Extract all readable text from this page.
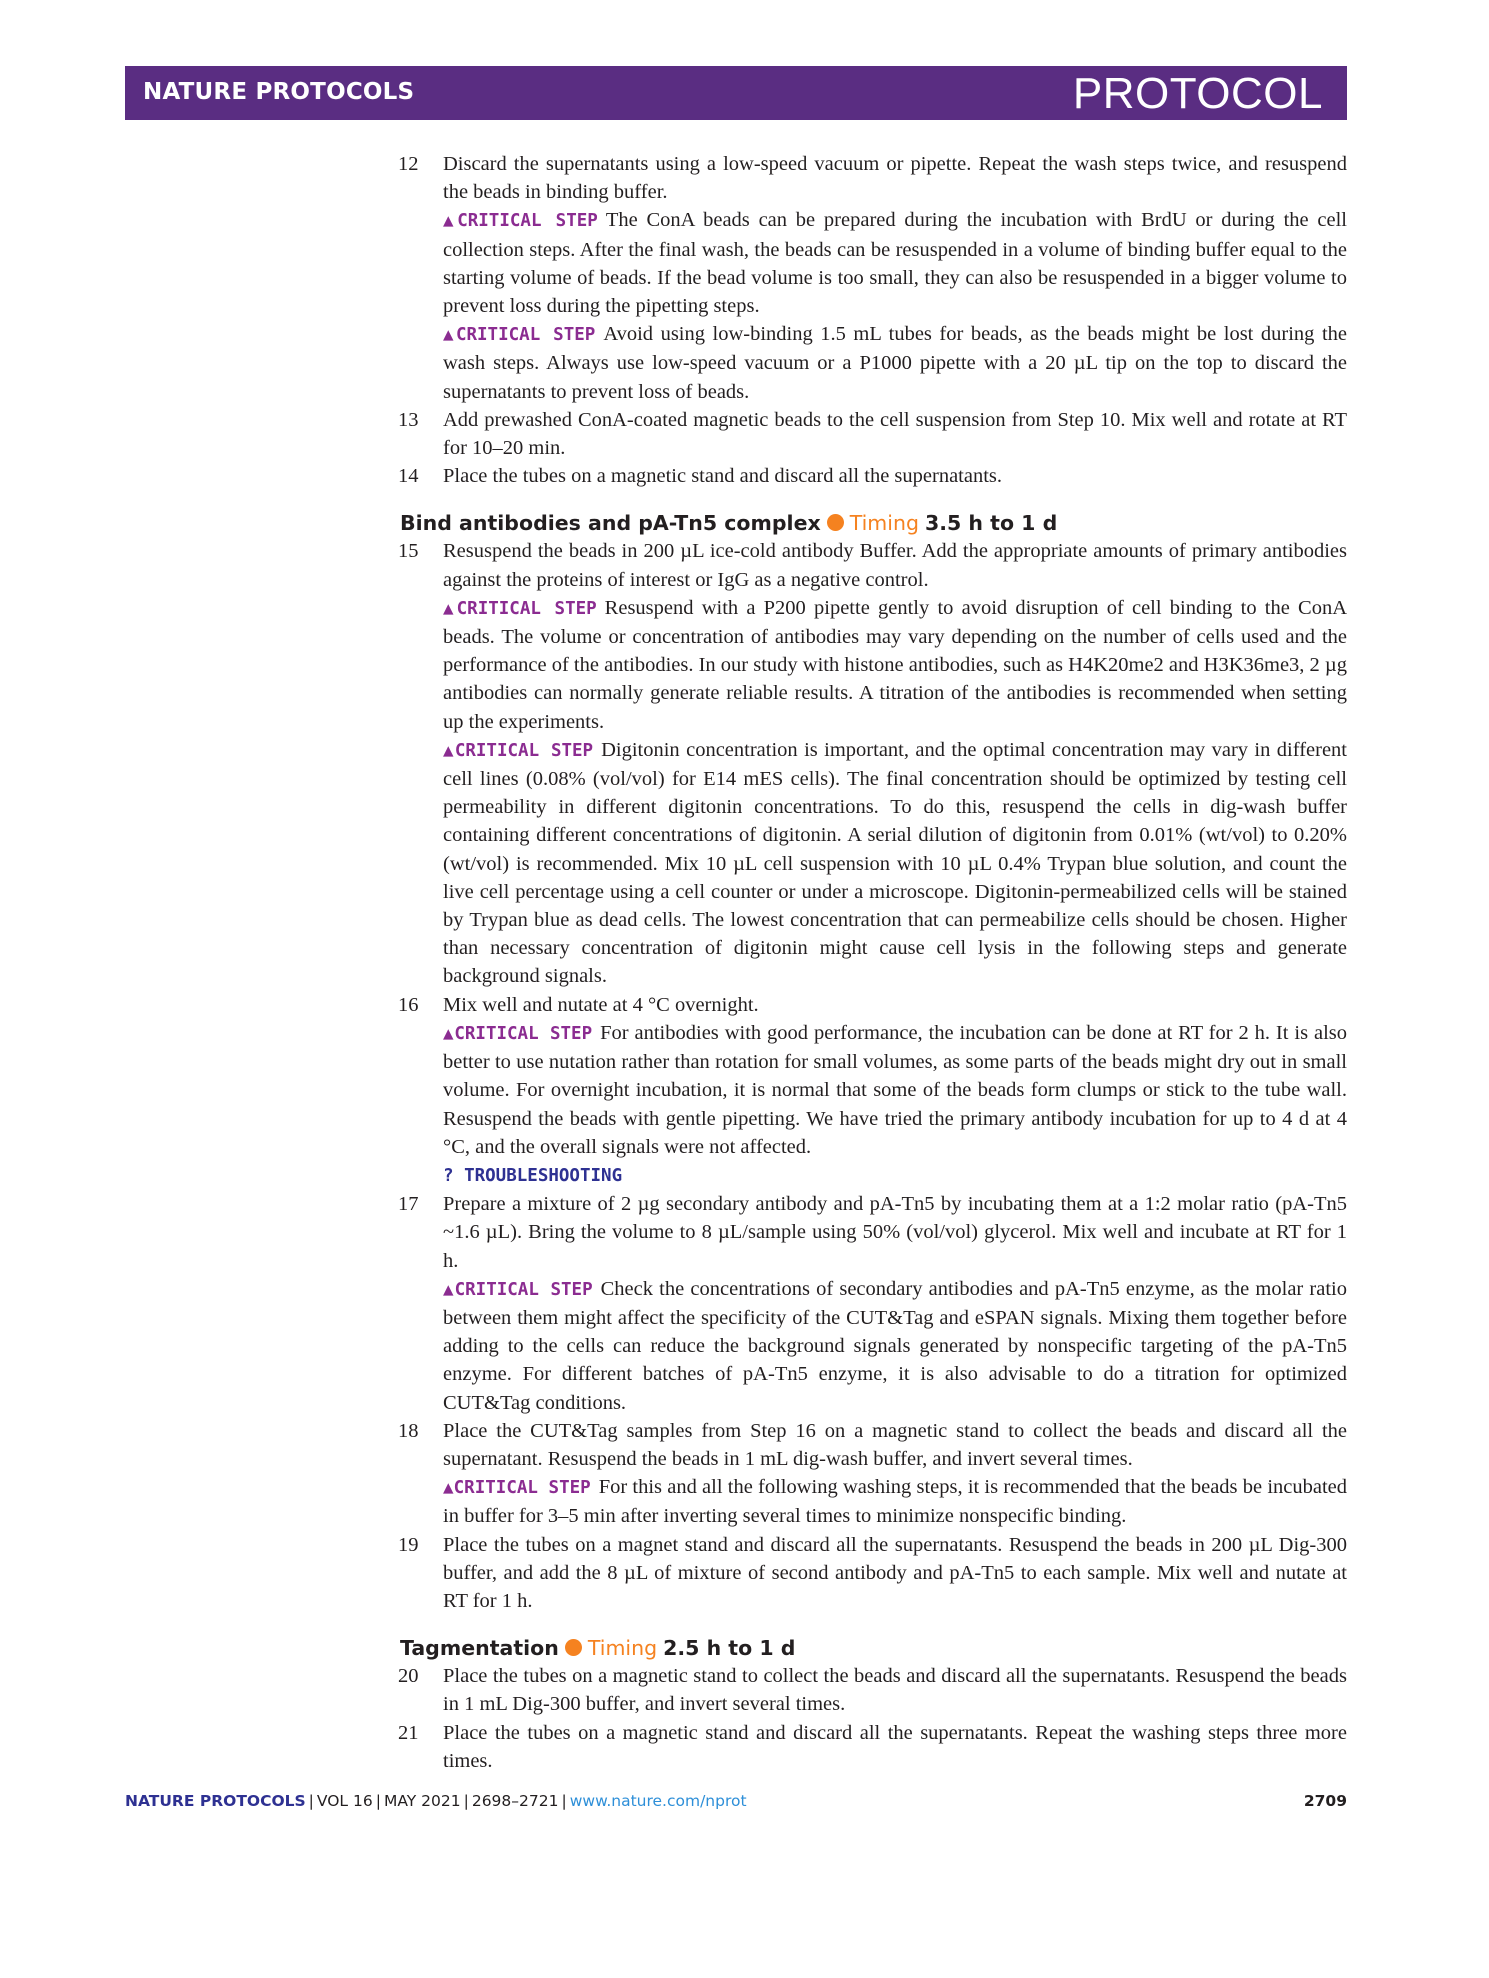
NATURE PROTOCOLS	PROTOCOL
12 Discard the supernatants using a low-speed vacuum or pipette. Repeat the wash steps twice, and resuspend the beads in binding buffer.

▲CRITICAL STEP The ConA beads can be prepared during the incubation with BrdU or during the cell collection steps. After the final wash, the beads can be resuspended in a volume of binding buffer equal to the starting volume of beads. If the bead volume is too small, they can also be resuspended in a bigger volume to prevent loss during the pipetting steps.

▲CRITICAL STEP Avoid using low-binding 1.5 mL tubes for beads, as the beads might be lost during the wash steps. Always use low-speed vacuum or a P1000 pipette with a 20 µL tip on the top to discard the supernatants to prevent loss of beads.

13 Add prewashed ConA-coated magnetic beads to the cell suspension from Step 10. Mix well and rotate at RT for 10–20 min.

14 Place the tubes on a magnetic stand and discard all the supernatants.

Bind antibodies and pA-Tn5 complex Timing 3.5 h to 1 d

15 Resuspend the beads in 200 µL ice-cold antibody Buffer. Add the appropriate amounts of primary antibodies against the proteins of interest or IgG as a negative control.

▲CRITICAL STEP Resuspend with a P200 pipette gently to avoid disruption of cell binding to the ConA beads. The volume or concentration of antibodies may vary depending on the number of cells used and the performance of the antibodies. In our study with histone antibodies, such as H4K20me2 and H3K36me3, 2 µg antibodies can normally generate reliable results. A titration of the antibodies is recommended when setting up the experiments.

▲CRITICAL STEP Digitonin concentration is important, and the optimal concentration may vary in different cell lines (0.08% (vol/vol) for E14 mES cells). The final concentration should be optimized by testing cell permeability in different digitonin concentrations. To do this, resuspend the cells in dig-wash buffer containing different concentrations of digitonin. A serial dilution of digitonin from 0.01% (wt/vol) to 0.20% (wt/vol) is recommended. Mix 10 µL cell suspension with 10 µL 0.4% Trypan blue solution, and count the live cell percentage using a cell counter or under a microscope. Digitonin-permeabilized cells will be stained by Trypan blue as dead cells. The lowest concentration that can permeabilize cells should be chosen. Higher than necessary concentration of digitonin might cause cell lysis in the following steps and generate background signals.

16 Mix well and nutate at 4 °C overnight.

▲CRITICAL STEP For antibodies with good performance, the incubation can be done at RT for 2 h. It is also better to use nutation rather than rotation for small volumes, as some parts of the beads might dry out in small volume. For overnight incubation, it is normal that some of the beads form clumps or stick to the tube wall. Resuspend the beads with gentle pipetting. We have tried the primary antibody incubation for up to 4 d at 4 °C, and the overall signals were not affected.

? TROUBLESHOOTING

17 Prepare a mixture of 2 µg secondary antibody and pA-Tn5 by incubating them at a 1:2 molar ratio (pA-Tn5 ~1.6 µL). Bring the volume to 8 µL/sample using 50% (vol/vol) glycerol. Mix well and incubate at RT for 1 h.

▲CRITICAL STEP Check the concentrations of secondary antibodies and pA-Tn5 enzyme, as the molar ratio between them might affect the specificity of the CUT&Tag and eSPAN signals. Mixing them together before adding to the cells can reduce the background signals generated by nonspecific targeting of the pA-Tn5 enzyme. For different batches of pA-Tn5 enzyme, it is also advisable to do a titration for optimized CUT&Tag conditions.

18 Place the CUT&Tag samples from Step 16 on a magnetic stand to collect the beads and discard all the supernatant. Resuspend the beads in 1 mL dig-wash buffer, and invert several times.

▲CRITICAL STEP For this and all the following washing steps, it is recommended that the beads be incubated in buffer for 3–5 min after inverting several times to minimize nonspecific binding.

19 Place the tubes on a magnet stand and discard all the supernatants. Resuspend the beads in 200 µL Dig-300 buffer, and add the 8 µL of mixture of second antibody and pA-Tn5 to each sample. Mix well and nutate at RT for 1 h.

Tagmentation Timing 2.5 h to 1 d

20 Place the tubes on a magnetic stand to collect the beads and discard all the supernatants. Resuspend the beads in 1 mL Dig-300 buffer, and invert several times.

21 Place the tubes on a magnetic stand and discard all the supernatants. Repeat the washing steps three more times.

NATURE PROTOCOLS | VOL 16 | MAY 2021 | 2698–2721 | www.nature.com/nprot	2709
